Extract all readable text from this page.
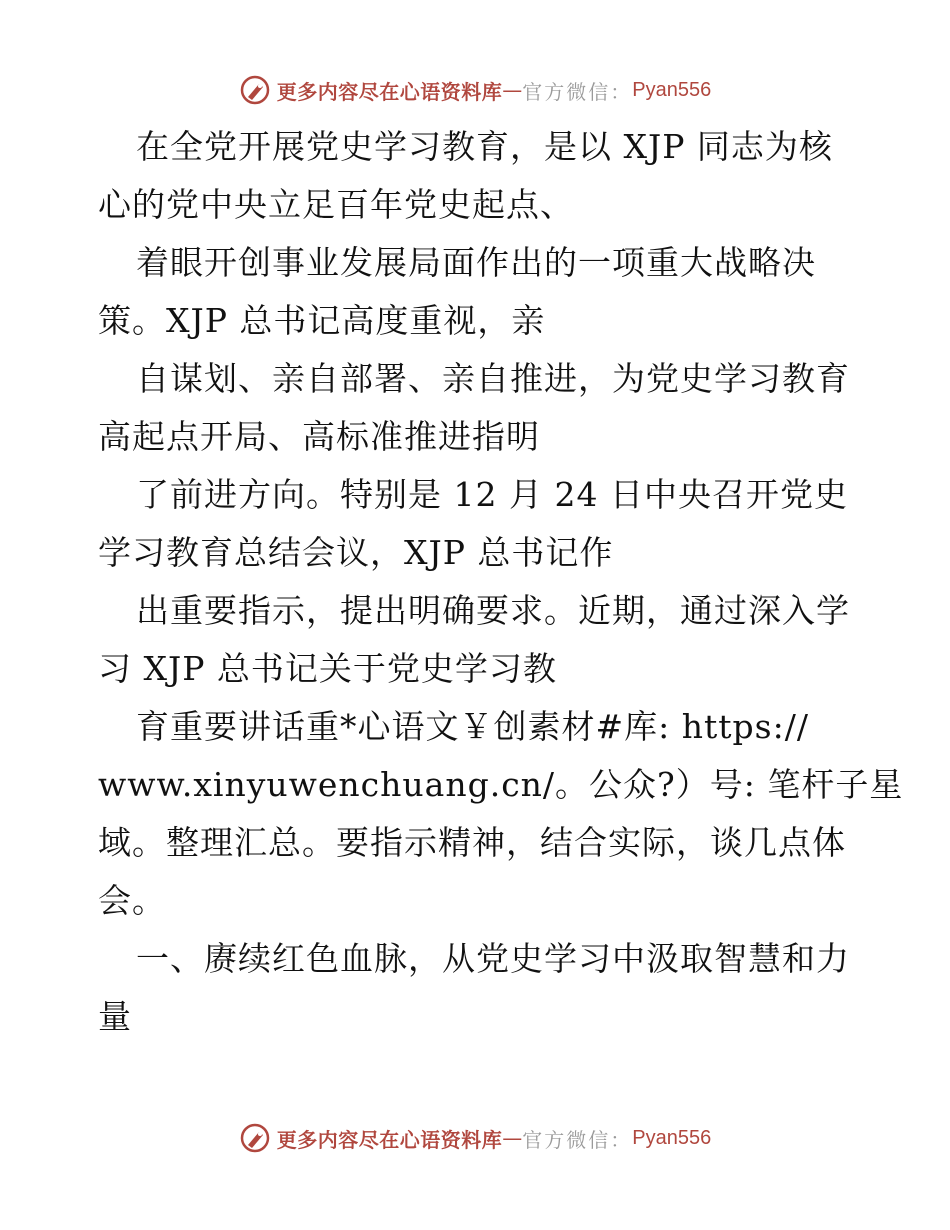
更多内容尽在心语资料库 — 官方微信： Pyan556
在全党开展党史学习教育，是以 XJP 同志为核
心的党中央立足百年党史起点、
着眼开创事业发展局面作出的一项重大战略决
策。XJP 总书记高度重视，亲
自谋划、亲自部署、亲自推进，为党史学习教育
高起点开局、高标准推进指明
了前进方向。特别是 12 月 24 日中央召开党史
学习教育总结会议，XJP 总书记作
出重要指示，提出明确要求。近期，通过深入学
习 XJP 总书记关于党史学习教
育重要讲话重*心语文￥创素材#库: https://
www.xinyuwenchuang.cn/。公众?）号: 笔杆子星
域。整理汇总。要指示精神，结合实际，谈几点体
会。
一、赓续红色血脉，从党史学习中汲取智慧和力
量
更多内容尽在心语资料库 — 官方微信： Pyan556
